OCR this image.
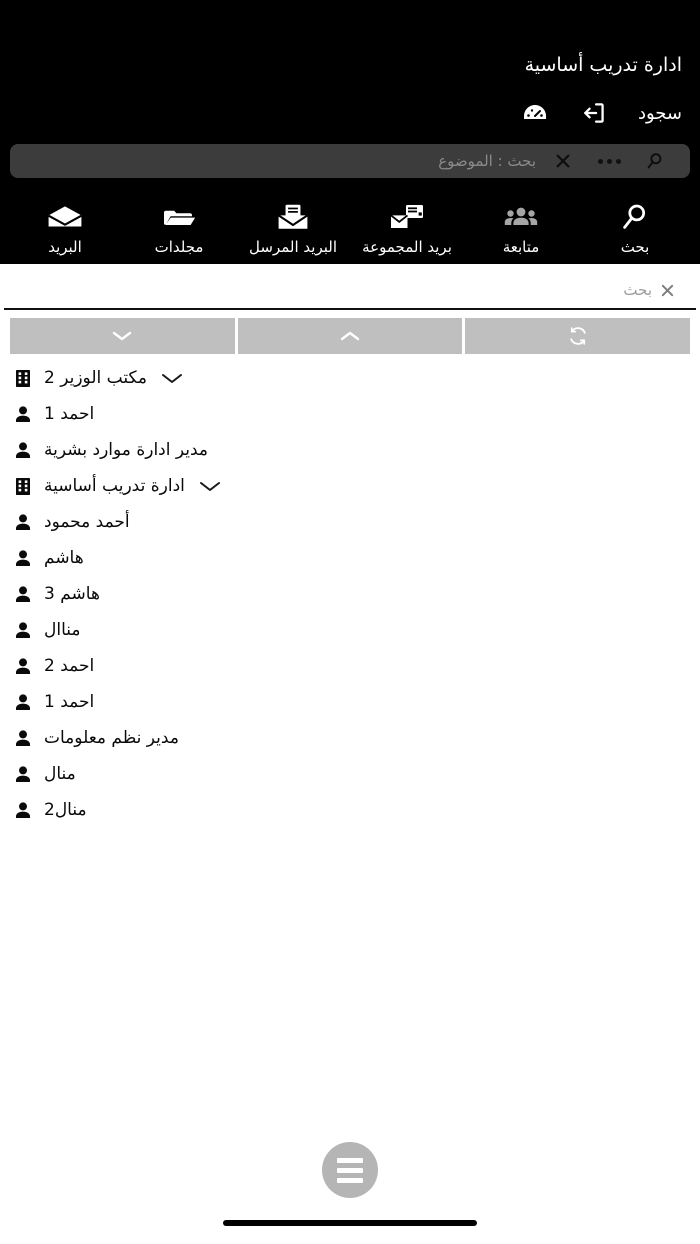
ادارة تدريب أساسية
سجود
بحث : الموضوع
بحث
متابعة
بريد المجموعة
البريد المرسل
مجلدات
البريد
بحث
مكتب الوزير 2
احمد 1
مدير ادارة موارد بشرية
ادارة تدريب أساسية
أحمد محمود
هاشم
هاشم 3
مناال
احمد 2
احمد 1
مدير نظم معلومات
منال
منال2
